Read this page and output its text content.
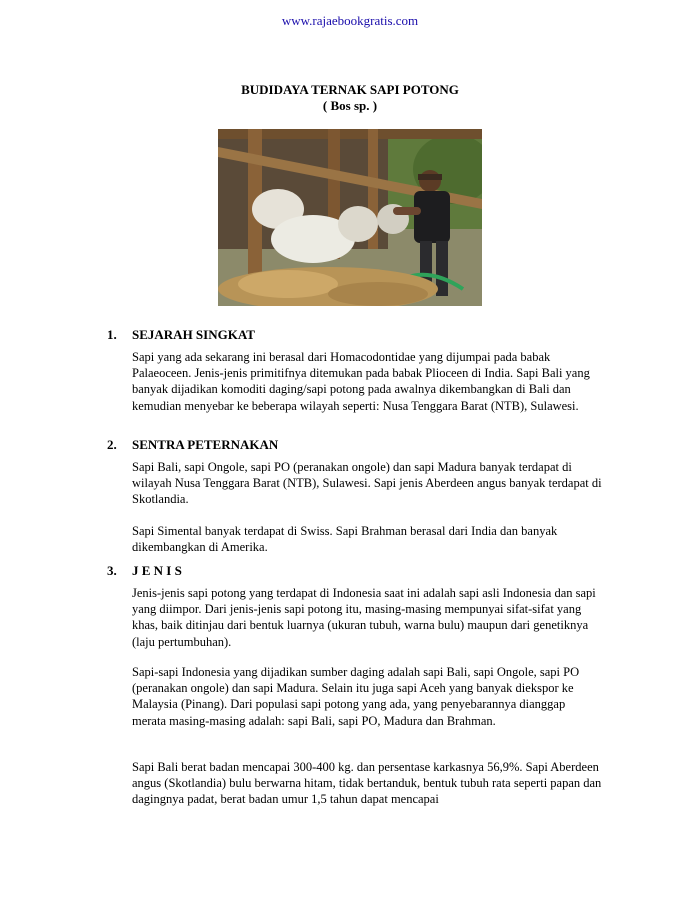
www.rajaebookgratis.com
BUDIDAYA TERNAK SAPI POTONG
( Bos sp. )
1. SEJARAH SINGKAT

Sapi yang ada sekarang ini berasal dari Homacodontidae yang dijumpai pada babak Palaeoceen. Jenis-jenis primitifnya ditemukan pada babak Plioceen di India. Sapi Bali yang banyak dijadikan komoditi daging/sapi potong pada awalnya dikembangkan di Bali dan kemudian menyebar ke beberapa wilayah seperti: Nusa Tenggara Barat (NTB), Sulawesi.

2. SENTRA PETERNAKAN

Sapi Bali, sapi Ongole, sapi PO (peranakan ongole) dan sapi Madura banyak terdapat di wilayah Nusa Tenggara Barat (NTB), Sulawesi. Sapi jenis Aberdeen angus banyak terdapat di Skotlandia.

Sapi Simental banyak terdapat di Swiss. Sapi Brahman berasal dari India dan banyak dikembangkan di Amerika.

3. J E N I S

Jenis-jenis sapi potong yang terdapat di Indonesia saat ini adalah sapi asli Indonesia dan sapi yang diimpor. Dari jenis-jenis sapi potong itu, masing-masing mempunyai sifat-sifat yang khas, baik ditinjau dari bentuk luarnya (ukuran tubuh, warna bulu) maupun dari genetiknya (laju pertumbuhan).

Sapi-sapi Indonesia yang dijadikan sumber daging adalah sapi Bali, sapi Ongole, sapi PO (peranakan ongole) dan sapi Madura. Selain itu juga sapi Aceh yang banyak diekspor ke Malaysia (Pinang). Dari populasi sapi potong yang ada, yang penyebarannya dianggap merata masing-masing adalah: sapi Bali, sapi PO, Madura dan Brahman.

Sapi Bali berat badan mencapai 300-400 kg. dan persentase karkasnya 56,9%. Sapi Aberdeen angus (Skotlandia) bulu berwarna hitam, tidak bertanduk, bentuk tubuh rata seperti papan dan dagingnya padat, berat badan umur 1,5 tahun dapat mencapai
